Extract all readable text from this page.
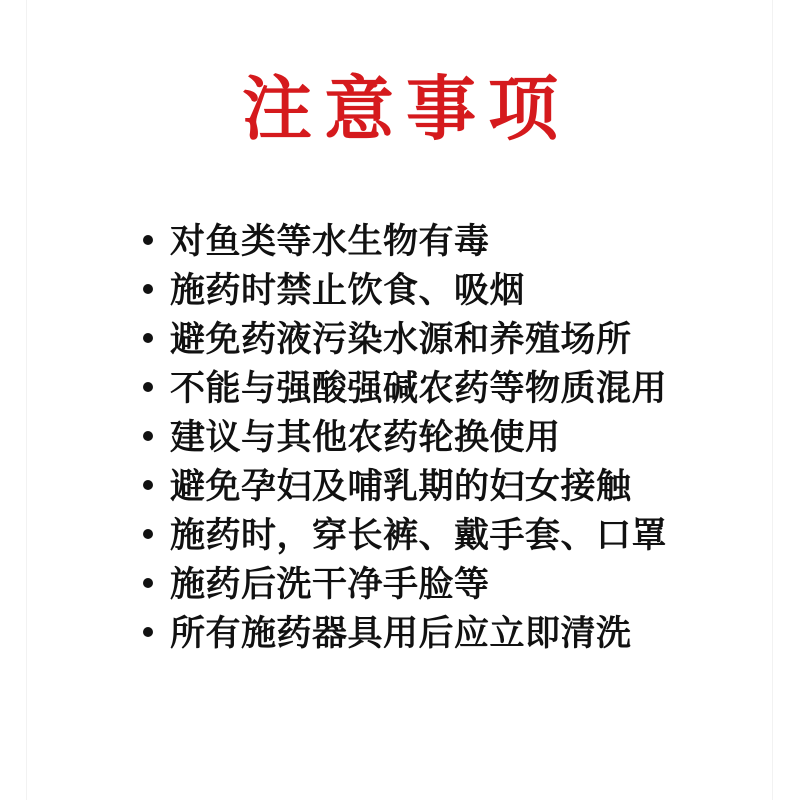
注意事项
对鱼类等水生物有毒
施药时禁止饮食、吸烟
避免药液污染水源和养殖场所
不能与强酸强碱农药等物质混用
建议与其他农药轮换使用
避免孕妇及哺乳期的妇女接触
施药时，穿长裤、戴手套、口罩
施药后洗干净手脸等
所有施药器具用后应立即清洗
